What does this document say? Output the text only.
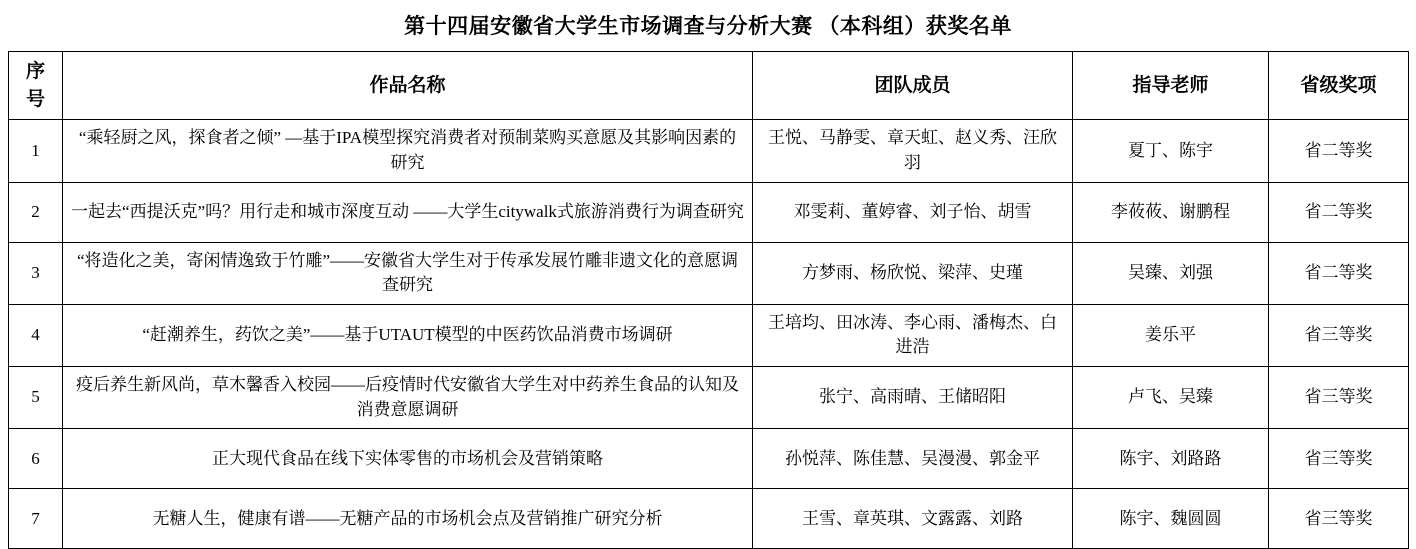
第十四届安徽省大学生市场调查与分析大赛 （本科组）获奖名单
序号	作品名称	团队成员	指导老师	省级奖项
1	“乘轻厨之风，探食者之倾” —基于IPA模型探究消费者对预制菜购买意愿及其影响因素的研究	王悦、马静雯、章天虹、赵义秀、汪欣羽	夏丁、陈宇	省二等奖
2	一起去“西提沃克”吗？用行走和城市深度互动 ——大学生citywalk式旅游消费行为调查研究	邓雯莉、董婷睿、刘子怡、胡雪	李莜莜、谢鹏程	省二等奖
3	“将造化之美，寄闲情逸致于竹雕”——安徽省大学生对于传承发展竹雕非遗文化的意愿调查研究	方梦雨、杨欣悦、梁萍、史瑾	吴臻、刘强	省二等奖
4	“赶潮养生，药饮之美”——基于UTAUT模型的中医药饮品消费市场调研	王培均、田冰涛、李心雨、潘梅杰、白进浩	姜乐平	省三等奖
5	疫后养生新风尚，草木馨香入校园——后疫情时代安徽省大学生对中药养生食品的认知及消费意愿调研	张宁、高雨晴、王储昭阳	卢飞、吴臻	省三等奖
6	正大现代食品在线下实体零售的市场机会及营销策略	孙悦萍、陈佳慧、吴漫漫、郭金平	陈宇、刘路路	省三等奖
7	无糖人生，健康有谱——无糖产品的市场机会点及营销推广研究分析	王雪、章英琪、文露露、刘路	陈宇、魏圆圆	省三等奖
